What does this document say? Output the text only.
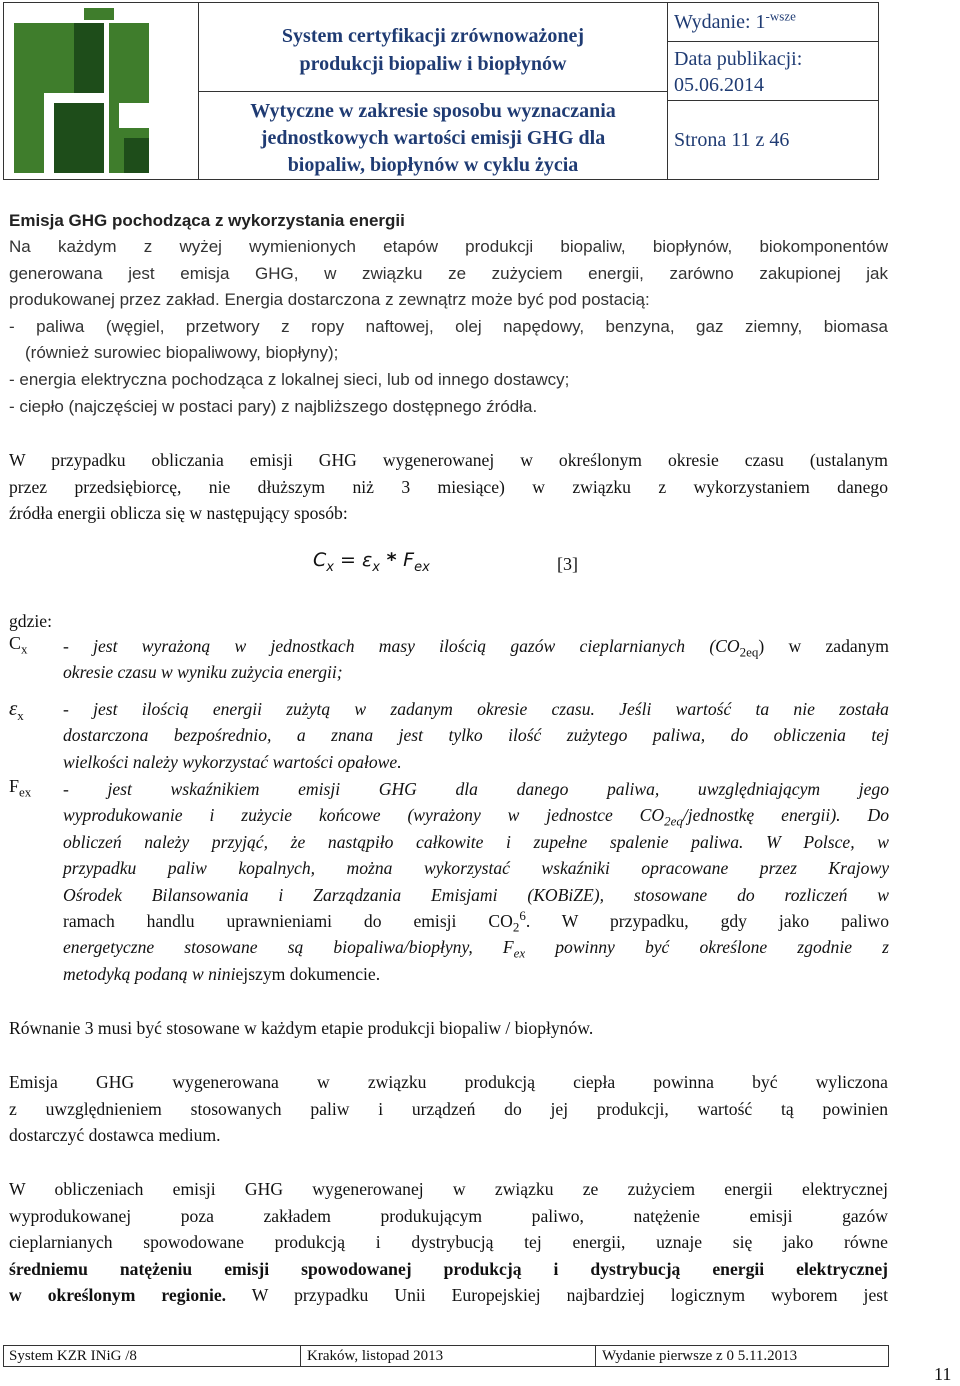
System certyfikacji zrównoważonej
produkcji biopaliw i biopłynów
Wytyczne w zakresie sposobu wyznaczania
jednostkowych wartości emisji GHG dla
biopaliw, biopłynów w cyklu życia
Wydanie: $1^{-wsze}$
Data publikacji:
05.06.2014
Strona 11 z 46
Emisja GHG pochodząca z wykorzystania energii
Na każdym z wyżej wymienionych etapów produkcji biopaliw, biopłynów, biokomponentów
generowana jest emisja GHG, w związku ze zużyciem energii, zarówno zakupionej jak
produkowanej przez zakład. Energia dostarczona z zewnątrz może być pod postacią:
- paliwa (węgiel, przetwory z ropy naftowej, olej napędowy, benzyna, gaz ziemny, biomasa
(również surowiec biopaliwowy, biopłyny);
- energia elektryczna pochodząca z lokalnej sieci, lub od innego dostawcy;
- ciepło (najczęściej w postaci pary) z najbliższego dostępnego źródła.
W przypadku obliczania emisji GHG wygenerowanej w określonym okresie czasu (ustalanym
przez przedsiębiorcę, nie dłuższym niż 3 miesiące) w związku z wykorzystaniem danego
źródła energii oblicza się w następujący sposób:
$C_x = \varepsilon_x * F_{ex}$	[3]
gdzie:
$C_x$ - jest wyrażoną w jednostkach masy ilością gazów cieplarnianych $(CO_{2eq})$ w zadanym
okresie czasu w wyniku zużycia energii;
$\varepsilon_x$ - jest ilością energii zużytą w zadanym okresie czasu. Jeśli wartość ta nie została
dostarczona bezpośrednio, a znana jest tylko ilość zużytego paliwa, do obliczenia tej
wielkości należy wykorzystać wartości opałowe.
$F_{ex}$ - jest wskaźnikiem emisji GHG dla danego paliwa, uwzględniającym jego
wyprodukowanie i zużycie końcowe (wyrażony w jednostce $CO_{2eq}$/jednostkę energii). Do
obliczeń należy przyjąć, że nastąpiło całkowite i zupełne spalenie paliwa. W Polsce, w
przypadku paliw kopalnych, można wykorzystać wskaźniki opracowane przez Krajowy
Ośrodek Bilansowania i Zarządzania Emisjami (KOBiZE), stosowane do rozliczeń w
ramach handlu uprawnieniami do emisji $CO_2^6$. W przypadku, gdy jako paliwo
energetyczne stosowane są biopaliwa/biopłyny, $F_{ex}$ powinny być określone zgodnie z
metodyką podaną w niniejszym dokumencie.
Równanie 3 musi być stosowane w każdym etapie produkcji biopaliw / biopłynów.
Emisja GHG wygenerowana w związku produkcją ciepła powinna być wyliczona
z uwzględnieniem stosowanych paliw i urządzeń do jej produkcji, wartość tą powinien
dostarczyć dostawca medium.
W obliczeniach emisji GHG wygenerowanej w związku ze zużyciem energii elektrycznej
wyprodukowanej poza zakładem produkującym paliwo, natężenie emisji gazów
cieplarnianych spowodowane produkcją i dystrybucją tej energii, uznaje się jako równe
średniemu natężeniu emisji spowodowanej produkcją i dystrybucją energii elektrycznej
w określonym regionie. W przypadku Unii Europejskiej najbardziej logicznym wyborem jest
System KZR INiG /8	Kraków, listopad 2013	Wydanie pierwsze z 0 5.11.2013
11
